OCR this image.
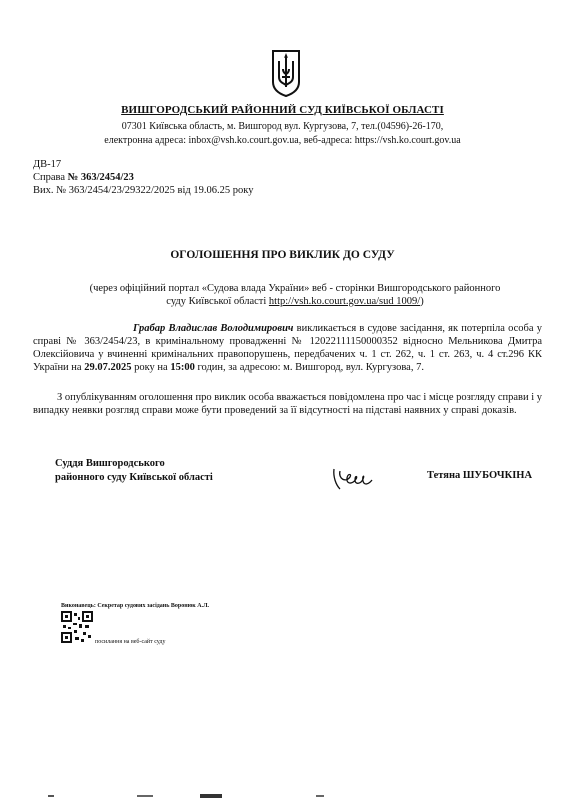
ВИШГОРОДСЬКИЙ РАЙОННИЙ СУД КИЇВСЬКОЇ ОБЛАСТІ
07301 Київська область, м. Вишгород вул. Кургузова, 7, тел.(04596)-26-170,
електронна адреса: inbox@vsh.ko.court.gov.ua, веб-адреса: https://vsh.ko.court.gov.ua
ДВ-17
Справа № 363/2454/23
Вих. № 363/2454/23/29322/2025 від 19.06.25 року
ОГОЛОШЕННЯ ПРО ВИКЛИК ДО СУДУ
(через офіційний портал «Судова влада України» веб - сторінки Вишгородського районного
суду Київської області http://vsh.ko.court.gov.ua/sud 1009/)
Грабар Владислав Володимирович викликається в судове засідання, як потерпіла особа у справі № 363/2454/23, в кримінальному провадженні № 12022111150000352 відносно Мельникова Дмитра Олексійовича у вчиненні кримінальних правопорушень, передбачених ч. 1 ст. 262, ч. 1 ст. 263, ч. 4 ст.296 КК України на 29.07.2025 року на 15:00 годин, за адресою: м. Вишгород, вул. Кургузова, 7.
З опублікуванням оголошення про виклик особа вважається повідомлена про час і місце розгляду справи і у випадку неявки розгляд справи може бути проведений за її відсутності на підставі наявних у справі доказів.
Суддя Вишгородського
районного суду Київської області	Тетяна ШУБОЧКІНА
Виконавець: Секретар судових засідань Воронюк А.Л.
посилання на веб-сайт суду
